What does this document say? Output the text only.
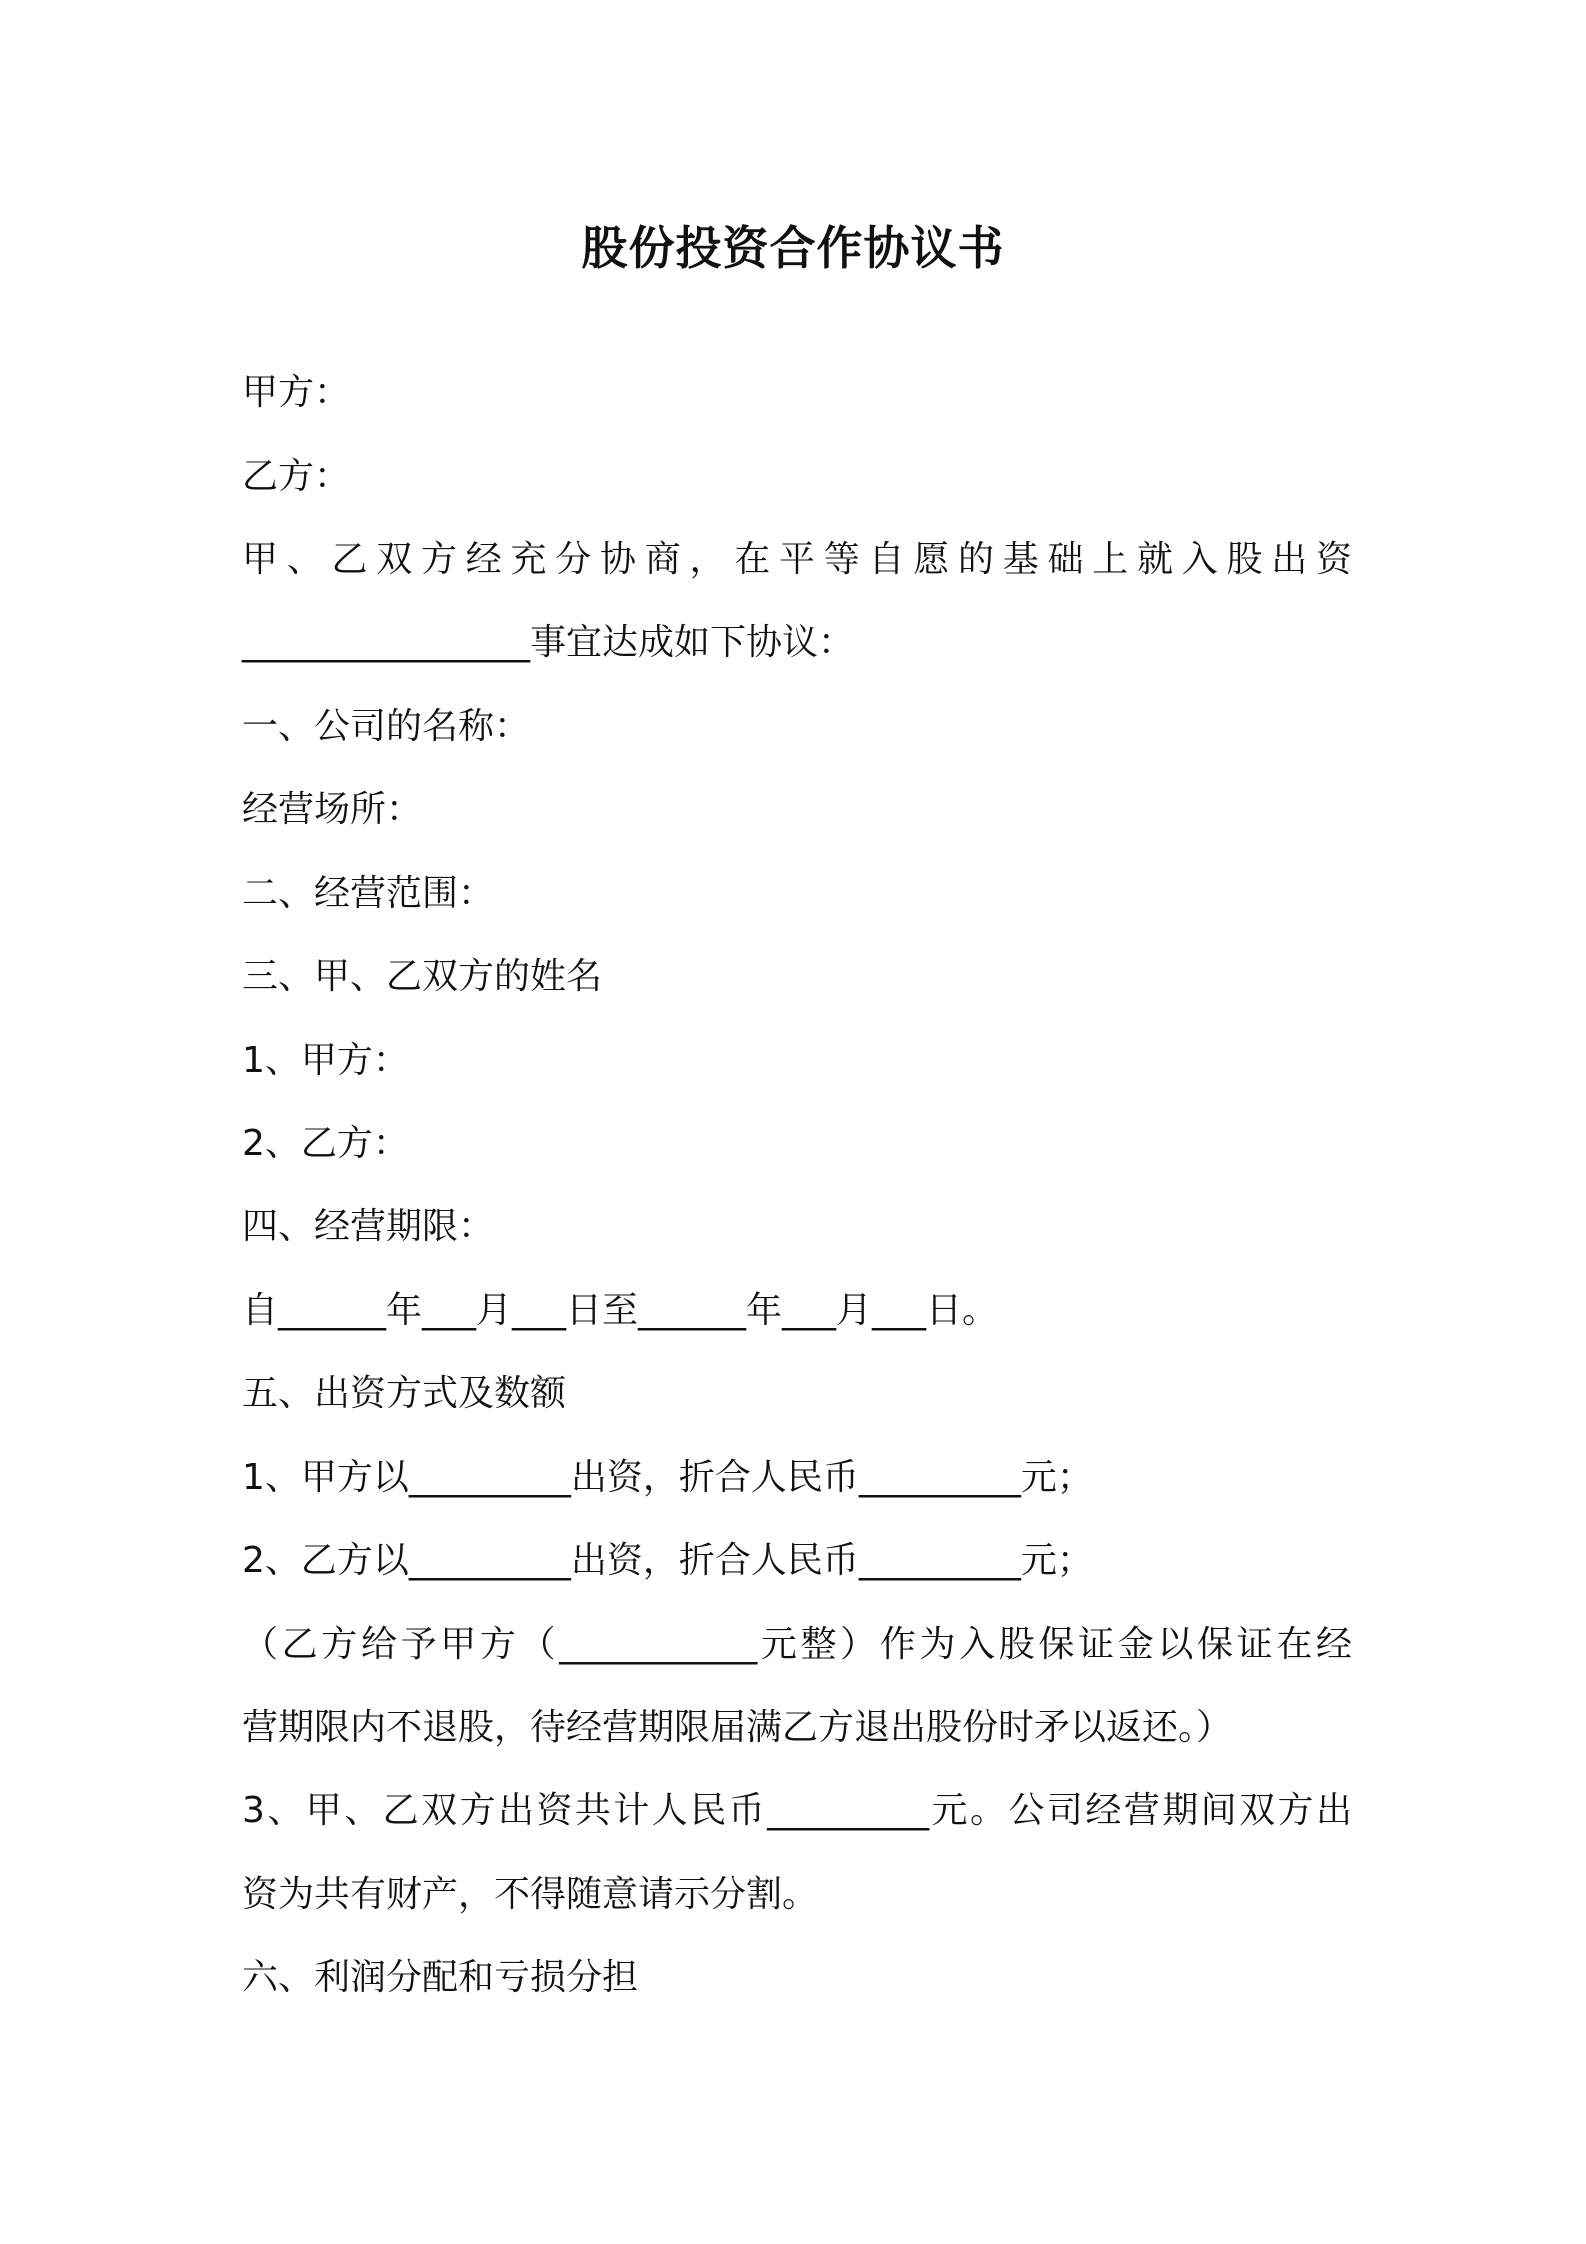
股份投资合作协议书

甲方：

乙方：

甲、乙双方经充分协商，在平等自愿的基础上就入股出资

________________事宜达成如下协议：

一、公司的名称：

经营场所：

二、经营范围：

三、甲、乙双方的姓名

1、甲方：

2、乙方：

四、经营期限：

自______年___月___日至______年___月___日。

五、出资方式及数额

1、甲方以_________出资，折合人民币_________元；

2、乙方以_________出资，折合人民币_________元；

（乙方给予甲方（___________元整）作为入股保证金以保证在经

营期限内不退股，待经营期限届满乙方退出股份时矛以返还。）

3、甲、乙双方出资共计人民币_________元。公司经营期间双方出

资为共有财产，不得随意请示分割。

六、利润分配和亏损分担
